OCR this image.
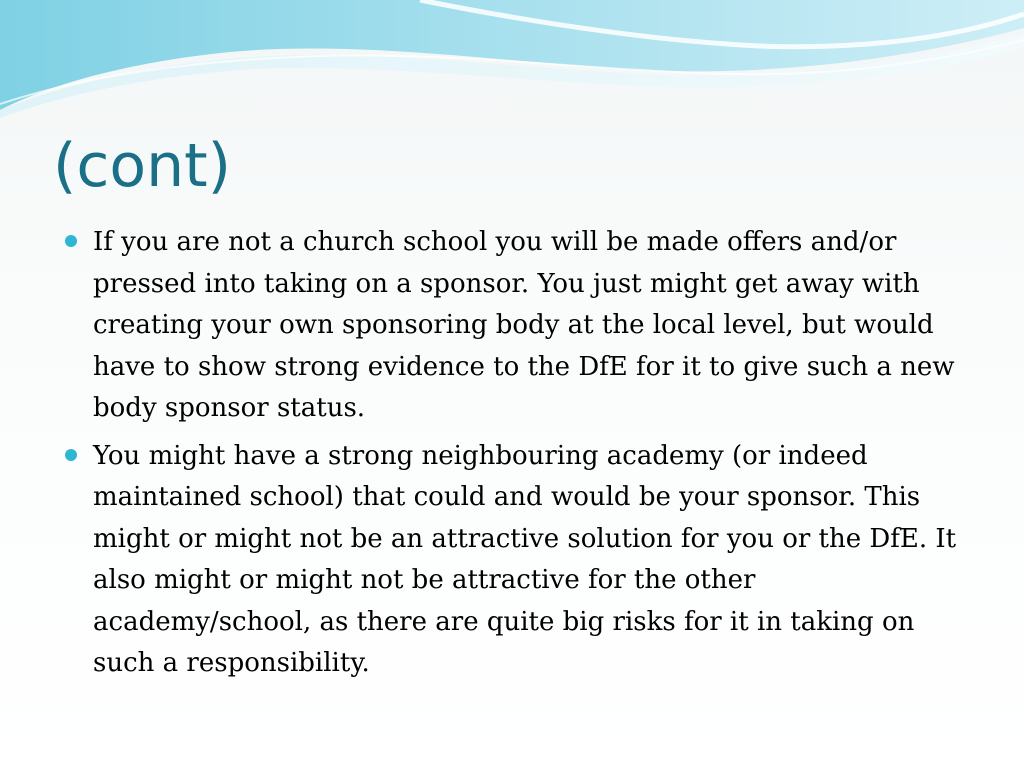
(cont)
If you are not a church school you will be made offers and/or pressed into taking on a sponsor. You just might get away with creating your own sponsoring body at the local level, but would have to show strong evidence to the DfE for it to give such a new body sponsor status.
You might have a strong neighbouring academy (or indeed maintained school) that could and would be your sponsor. This might or might not be an attractive solution for you or the DfE. It also might or might not be attractive for the other academy/school, as there are quite big risks for it in taking on such a responsibility.
